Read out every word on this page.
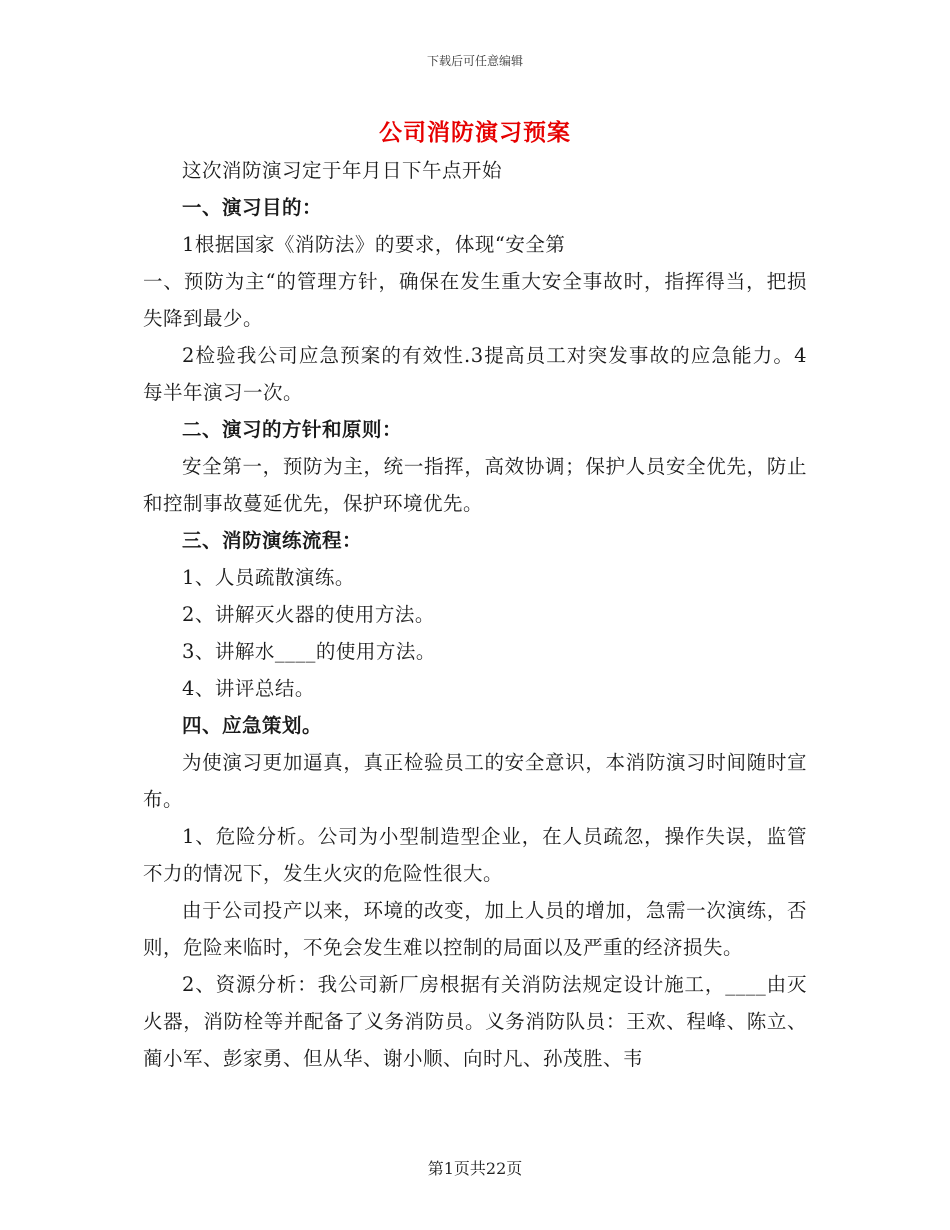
下载后可任意编辑
公司消防演习预案

这次消防演习定于年月日下午点开始

一、演习目的：

1根据国家《消防法》的要求，体现“安全第

一、预防为主“的管理方针，确保在发生重大安全事故时，指挥得当，把损失降到最少。

2检验我公司应急预案的有效性.3提高员工对突发事故的应急能力。4每半年演习一次。

二、演习的方针和原则：

安全第一，预防为主，统一指挥，高效协调；保护人员安全优先，防止和控制事故蔓延优先，保护环境优先。

三、消防演练流程：

1、人员疏散演练。

2、讲解灭火器的使用方法。

3、讲解水____的使用方法。

4、讲评总结。

四、应急策划。

为使演习更加逼真，真正检验员工的安全意识，本消防演习时间随时宣布。

1、危险分析。公司为小型制造型企业，在人员疏忽，操作失误，监管不力的情况下，发生火灾的危险性很大。

由于公司投产以来，环境的改变，加上人员的增加，急需一次演练，否则，危险来临时，不免会发生难以控制的局面以及严重的经济损失。

2、资源分析：我公司新厂房根据有关消防法规定设计施工，____由灭火器，消防栓等并配备了义务消防员。义务消防队员：王欢、程峰、陈立、蔺小军、彭家勇、但从华、谢小顺、向时凡、孙茂胜、韦

第1页共22页
